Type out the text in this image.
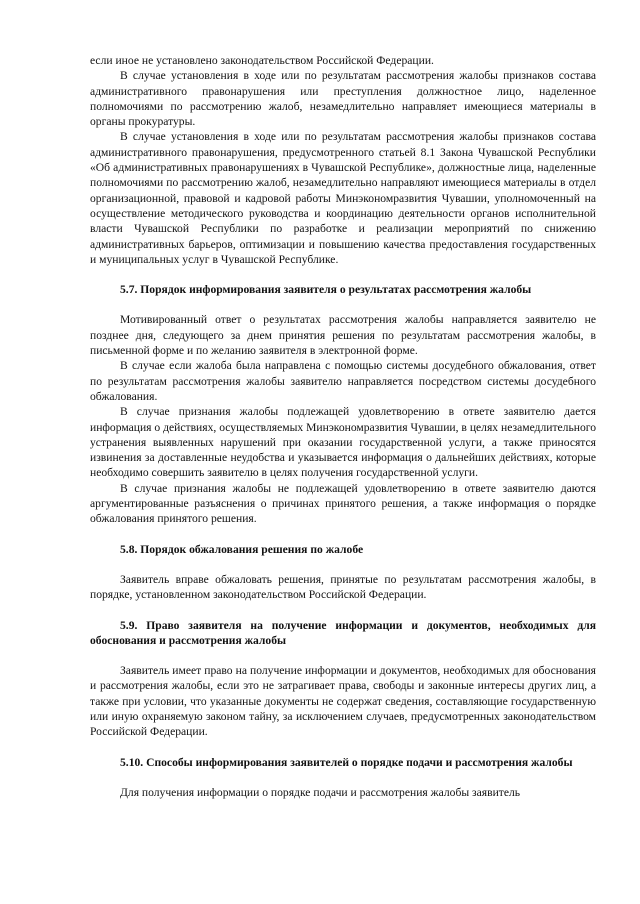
если иное не установлено законодательством Российской Федерации.

В случае установления в ходе или по результатам рассмотрения жалобы признаков состава административного правонарушения или преступления должностное лицо, наделенное полномочиями по рассмотрению жалоб, незамедлительно направляет имеющиеся материалы в органы прокуратуры.

В случае установления в ходе или по результатам рассмотрения жалобы признаков состава административного правонарушения, предусмотренного статьей 8.1 Закона Чувашской Республики «Об административных правонарушениях в Чувашской Республике», должностные лица, наделенные полномочиями по рассмотрению жалоб, незамедлительно направляют имеющиеся материалы в отдел организационной, правовой и кадровой работы Минэкономразвития Чувашии, уполномоченный на осуществление методического руководства и координацию деятельности органов исполнительной власти Чувашской Республики по разработке и реализации мероприятий по снижению административных барьеров, оптимизации и повышению качества предоставления государственных и муниципальных услуг в Чувашской Республике.

5.7. Порядок информирования заявителя о результатах рассмотрения жалобы

Мотивированный ответ о результатах рассмотрения жалобы направляется заявителю не позднее дня, следующего за днем принятия решения по результатам рассмотрения жалобы, в письменной форме и по желанию заявителя в электронной форме.

В случае если жалоба была направлена с помощью системы досудебного обжалования, ответ по результатам рассмотрения жалобы заявителю направляется посредством системы досудебного обжалования.

В случае признания жалобы подлежащей удовлетворению в ответе заявителю дается информация о действиях, осуществляемых Минэкономразвития Чувашии, в целях незамедлительного устранения выявленных нарушений при оказании государственной услуги, а также приносятся извинения за доставленные неудобства и указывается информация о дальнейших действиях, которые необходимо совершить заявителю в целях получения государственной услуги.

В случае признания жалобы не подлежащей удовлетворению в ответе заявителю даются аргументированные разъяснения о причинах принятого решения, а также информация о порядке обжалования принятого решения.

5.8. Порядок обжалования решения по жалобе

Заявитель вправе обжаловать решения, принятые по результатам рассмотрения жалобы, в порядке, установленном законодательством Российской Федерации.

5.9. Право заявителя на получение информации и документов, необходимых для обоснования и рассмотрения жалобы

Заявитель имеет право на получение информации и документов, необходимых для обоснования и рассмотрения жалобы, если это не затрагивает права, свободы и законные интересы других лиц, а также при условии, что указанные документы не содержат сведения, составляющие государственную или иную охраняемую законом тайну, за исключением случаев, предусмотренных законодательством Российской Федерации.

5.10. Способы информирования заявителей о порядке подачи и рассмотрения жалобы

Для получения информации о порядке подачи и рассмотрения жалобы заявитель
